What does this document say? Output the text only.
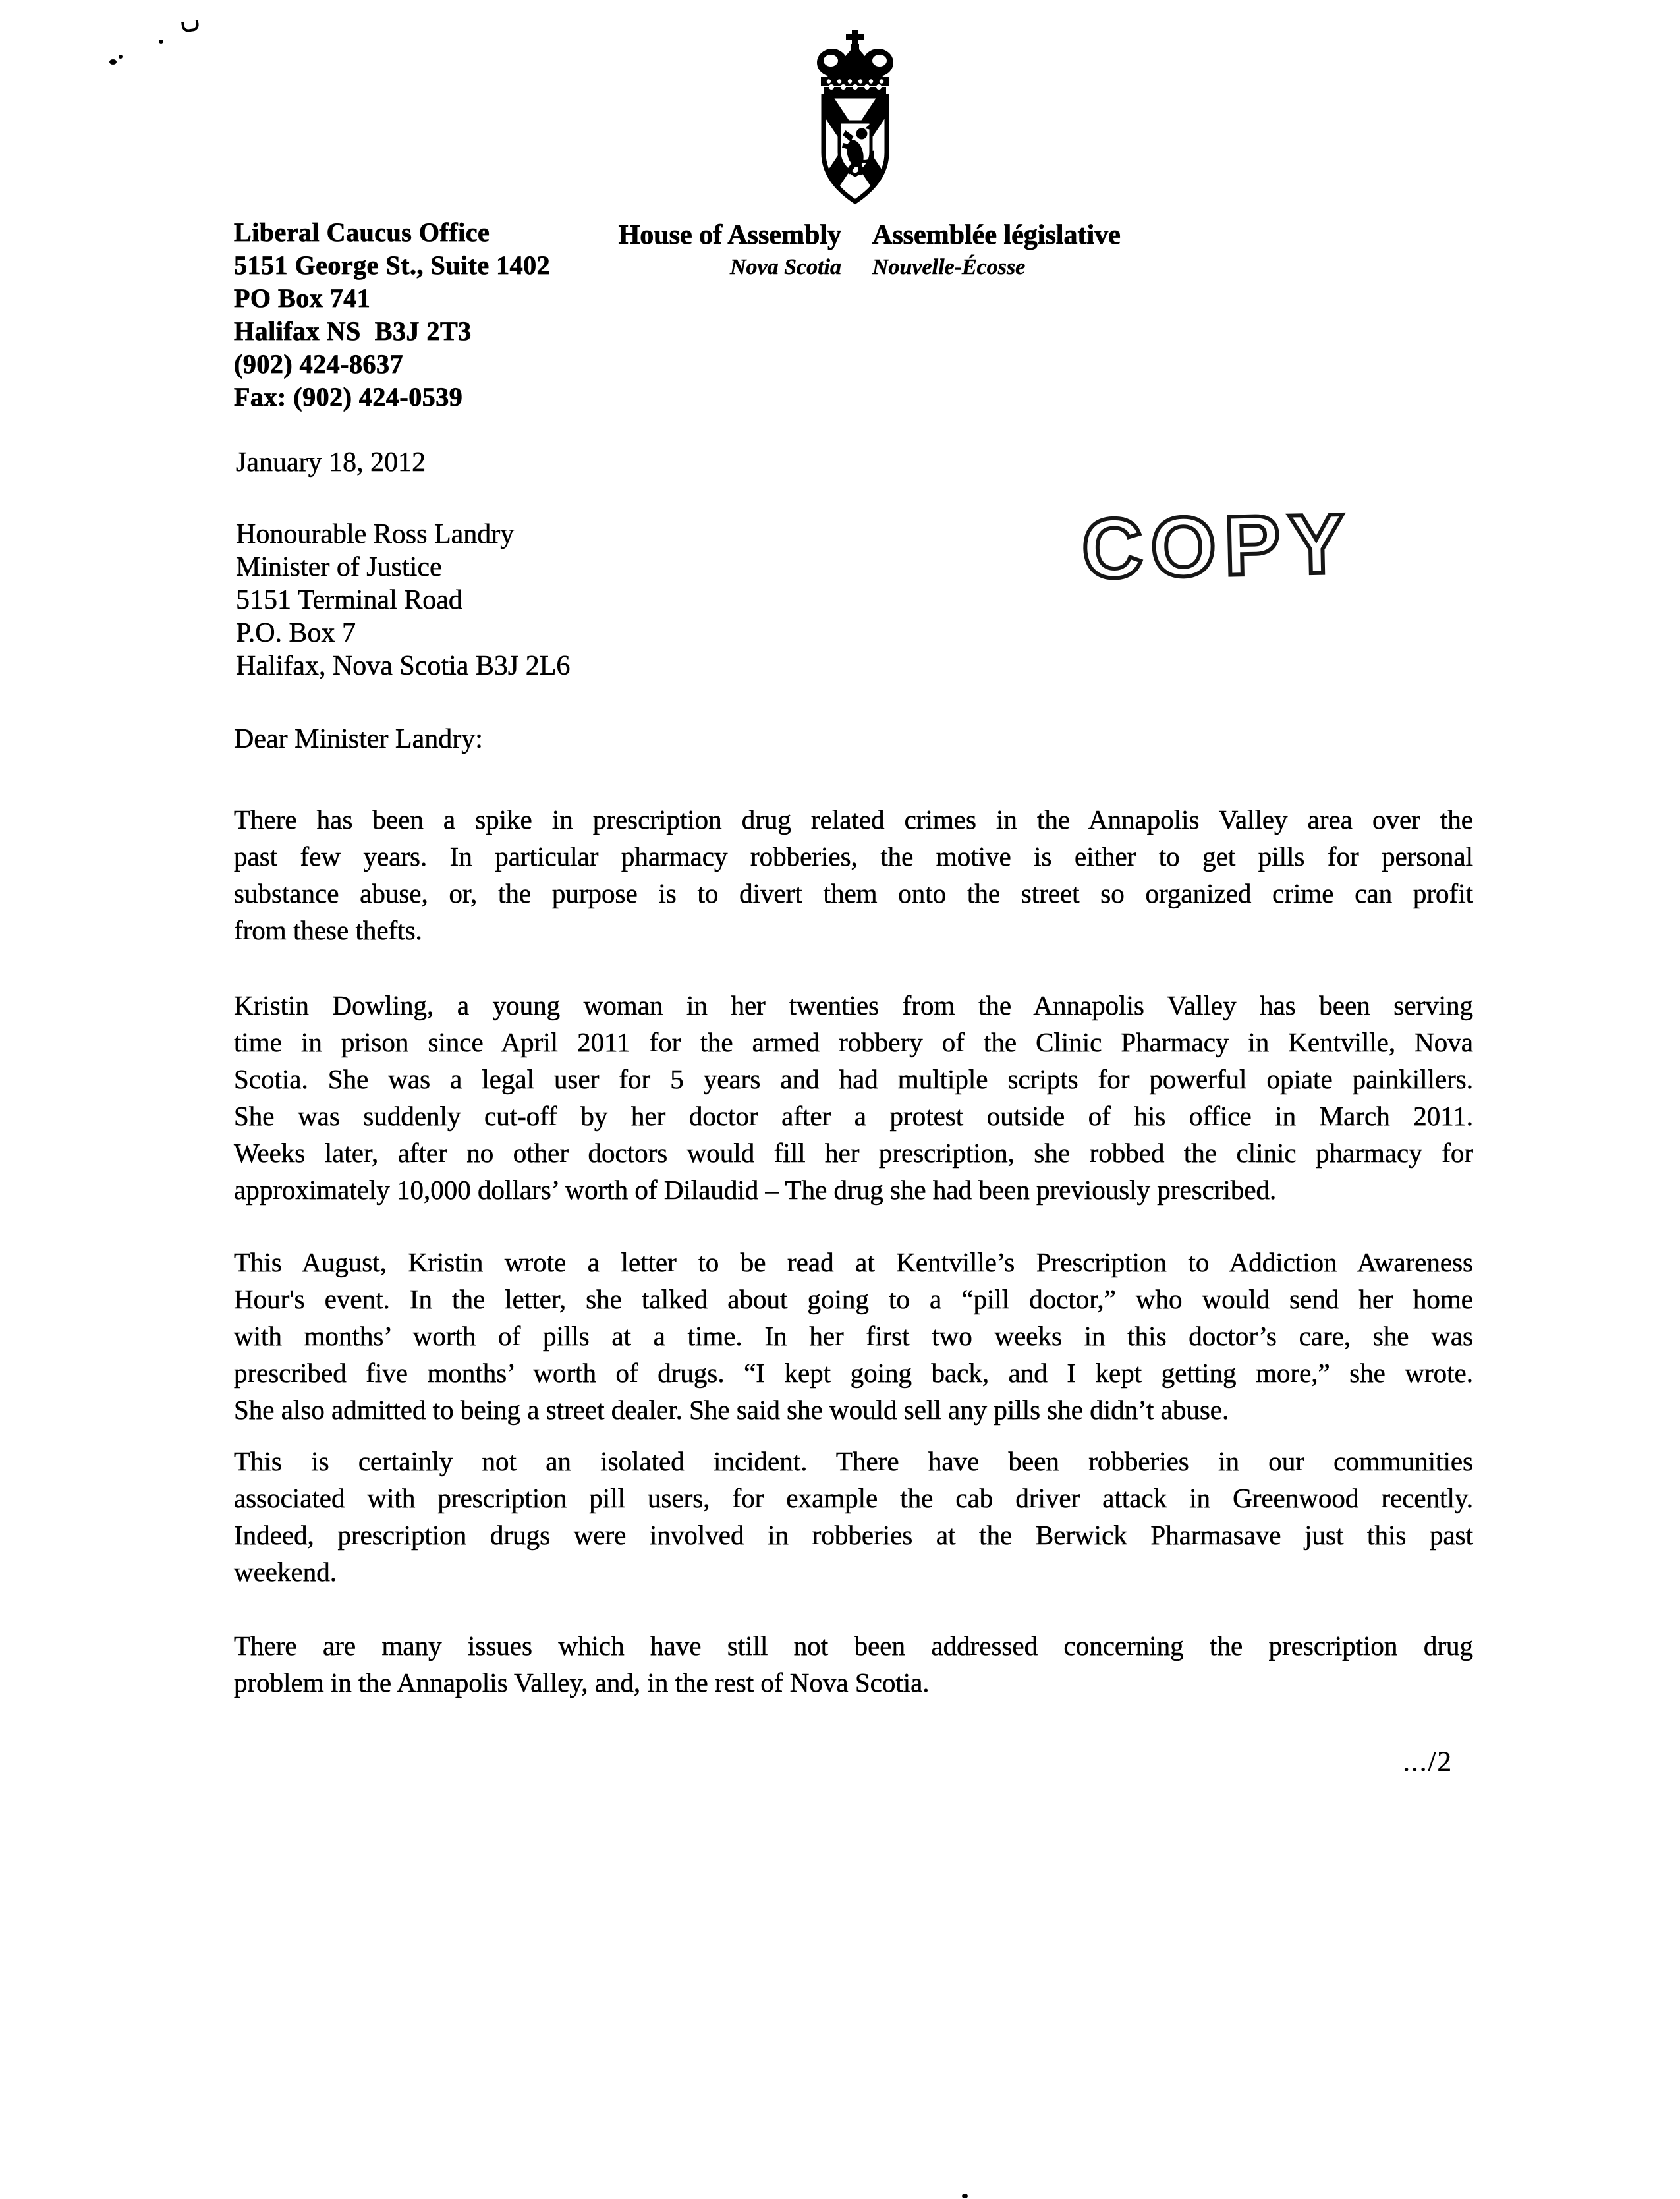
Liberal Caucus Office
5151 George St., Suite 1402
PO Box 741
Halifax NS  B3J 2T3
(902) 424-8637
Fax: (902) 424-0539
House of Assembly
Nova Scotia
Assemblée législative
Nouvelle-Écosse
January 18, 2012
COPY
Honourable Ross Landry
Minister of Justice
5151 Terminal Road
P.O. Box 7
Halifax, Nova Scotia B3J 2L6
Dear Minister Landry:
There has been a spike in prescription drug related crimes in the Annapolis Valley area over the
past few years. In particular pharmacy robberies, the motive is either to get pills for personal
substance abuse, or, the purpose is to divert them onto the street so organized crime can profit
from these thefts.
Kristin Dowling, a young woman in her twenties from the Annapolis Valley has been serving
time in prison since April 2011 for the armed robbery of the Clinic Pharmacy in Kentville, Nova
Scotia. She was a legal user for 5 years and had multiple scripts for powerful opiate painkillers.
She was suddenly cut-off by her doctor after a protest outside of his office in March 2011.
Weeks later, after no other doctors would fill her prescription, she robbed the clinic pharmacy for
approximately 10,000 dollars’ worth of Dilaudid – The drug she had been previously prescribed.
This August, Kristin wrote a letter to be read at Kentville’s Prescription to Addiction Awareness
Hour's event. In the letter, she talked about going to a “pill doctor,” who would send her home
with months’ worth of pills at a time. In her first two weeks in this doctor’s care, she was
prescribed five months’ worth of drugs. “I kept going back, and I kept getting more,” she wrote.
She also admitted to being a street dealer. She said she would sell any pills she didn’t abuse.
This is certainly not an isolated incident. There have been robberies in our communities
associated with prescription pill users, for example the cab driver attack in Greenwood recently.
Indeed, prescription drugs were involved in robberies at the Berwick Pharmasave just this past
weekend.
There are many issues which have still not been addressed concerning the prescription drug
problem in the Annapolis Valley, and, in the rest of Nova Scotia.
.../2
